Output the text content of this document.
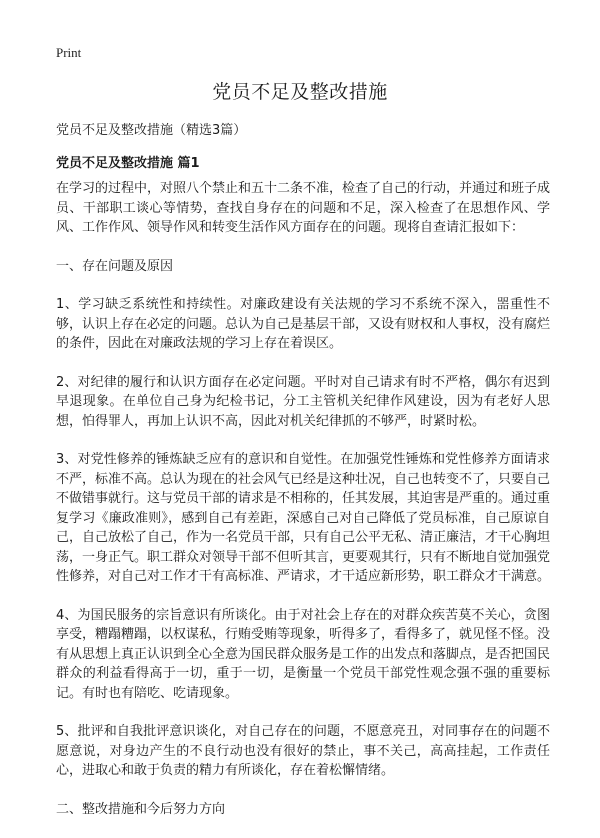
Print
党员不足及整改措施

党员不足及整改措施（精选3篇）

党员不足及整改措施 篇1

在学习的过程中，对照八个禁止和五十二条不准，检查了自己的行动，并通过和班子成员、干部职工谈心等情势，查找自身存在的问题和不足，深入检查了在思想作风、学风、工作作风、领导作风和转变生活作风方面存在的问题。现将自查请汇报如下：

一、存在问题及原因

1、学习缺乏系统性和持续性。对廉政建设有关法规的学习不系统不深入，噐重性不够，认识上存在必定的问题。总认为自己是基层干部，又设有财权和人事权，没有腐烂的条件，因此在对廉政法规的学习上存在着误区。

2、对纪律的履行和认识方面存在必定问题。平时对自己请求有时不严格，偶尔有迟到早退现象。在单位自己身为纪检书记，分工主管机关纪律作风建设，因为有老好人思想，怕得罪人，再加上认识不高，因此对机关纪律抓的不够严，时紧时松。

3、对党性修养的锤炼缺乏应有的意识和自觉性。在加强党性锤炼和党性修养方面请求不严，标准不高。总认为现在的社会风气已经是这种壮况，自己也转变不了，只要自己不做错事就行。这与党员干部的请求是不相称的，任其发展，其迫害是严重的。通过重复学习《廉政准则》，感到自己有差距，深感自己对自己降低了党员标准，自己原谅自己，自己放松了自己，作为一名党员干部，只有自己公平无私、清正廉洁，才干心胸坦荡，一身正气。职工群众对领导干部不但听其言，更要观其行，只有不断地自觉加强党性修养，对自己对工作才干有高标准、严请求，才干适应新形势，职工群众才干满意。

4、为国民服务的宗旨意识有所谈化。由于对社会上存在的对群众疾苦莫不关心，贪图享受，糟蹋糟蹋，以权谋私，行贿受贿等现象，听得多了，看得多了，就见怪不怪。没有从思想上真正认识到全心全意为国民群众服务是工作的出发点和落脚点，是否把国民群众的利益看得高于一切，重于一切，是衡量一个党员干部党性观念强不强的重要标记。有时也有陪吃、吃请现象。

5、批评和自我批评意识谈化，对自己存在的问题，不愿意亮丑，对同事存在的问题不愿意说，对身边产生的不良行动也没有很好的禁止，事不关己，高高挂起，工作责任心，进取心和敢于负责的精力有所谈化，存在着松懈情绪。

二、整改措施和今后努力方向
